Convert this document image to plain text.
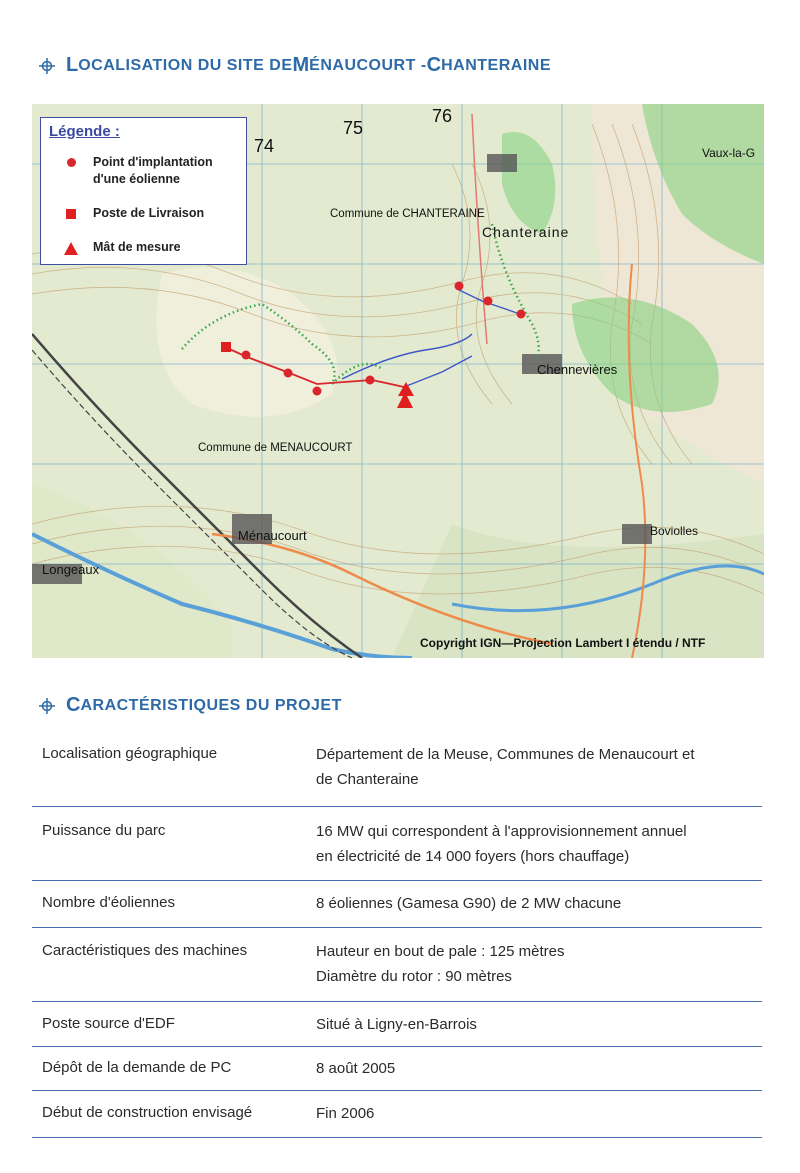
L OCALISATION DU SITE DE M ÉNAUCOURT - C HANTERAINE
75
74
76
Commune de CHANTERAINE
Commune de MENAUCOURT
Ménaucourt
Longeaux
Chennevières
Boviolles
Vaux-la-G
Chanteraine
Légende :
Point d'implantation d'une éolienne
Poste de Livraison
Mât de mesure
Copyright IGN—Projection Lambert I étendu / NTF
C ARACTÉRISTIQUES DU PROJET
Localisation géographique	Département de la Meuse, Communes de Menaucourt et
de Chanteraine
Puissance du parc	16 MW qui correspondent à l'approvisionnement annuel
en électricité de 14 000 foyers (hors chauffage)
Nombre d'éoliennes	8 éoliennes (Gamesa G90) de 2 MW chacune
Caractéristiques des machines	Hauteur en bout de pale : 125 mètres
Diamètre du rotor : 90 mètres
Poste source d'EDF	Situé à Ligny-en-Barrois
Dépôt de la demande de PC	8 août 2005
Début de construction envisagé	Fin 2006
